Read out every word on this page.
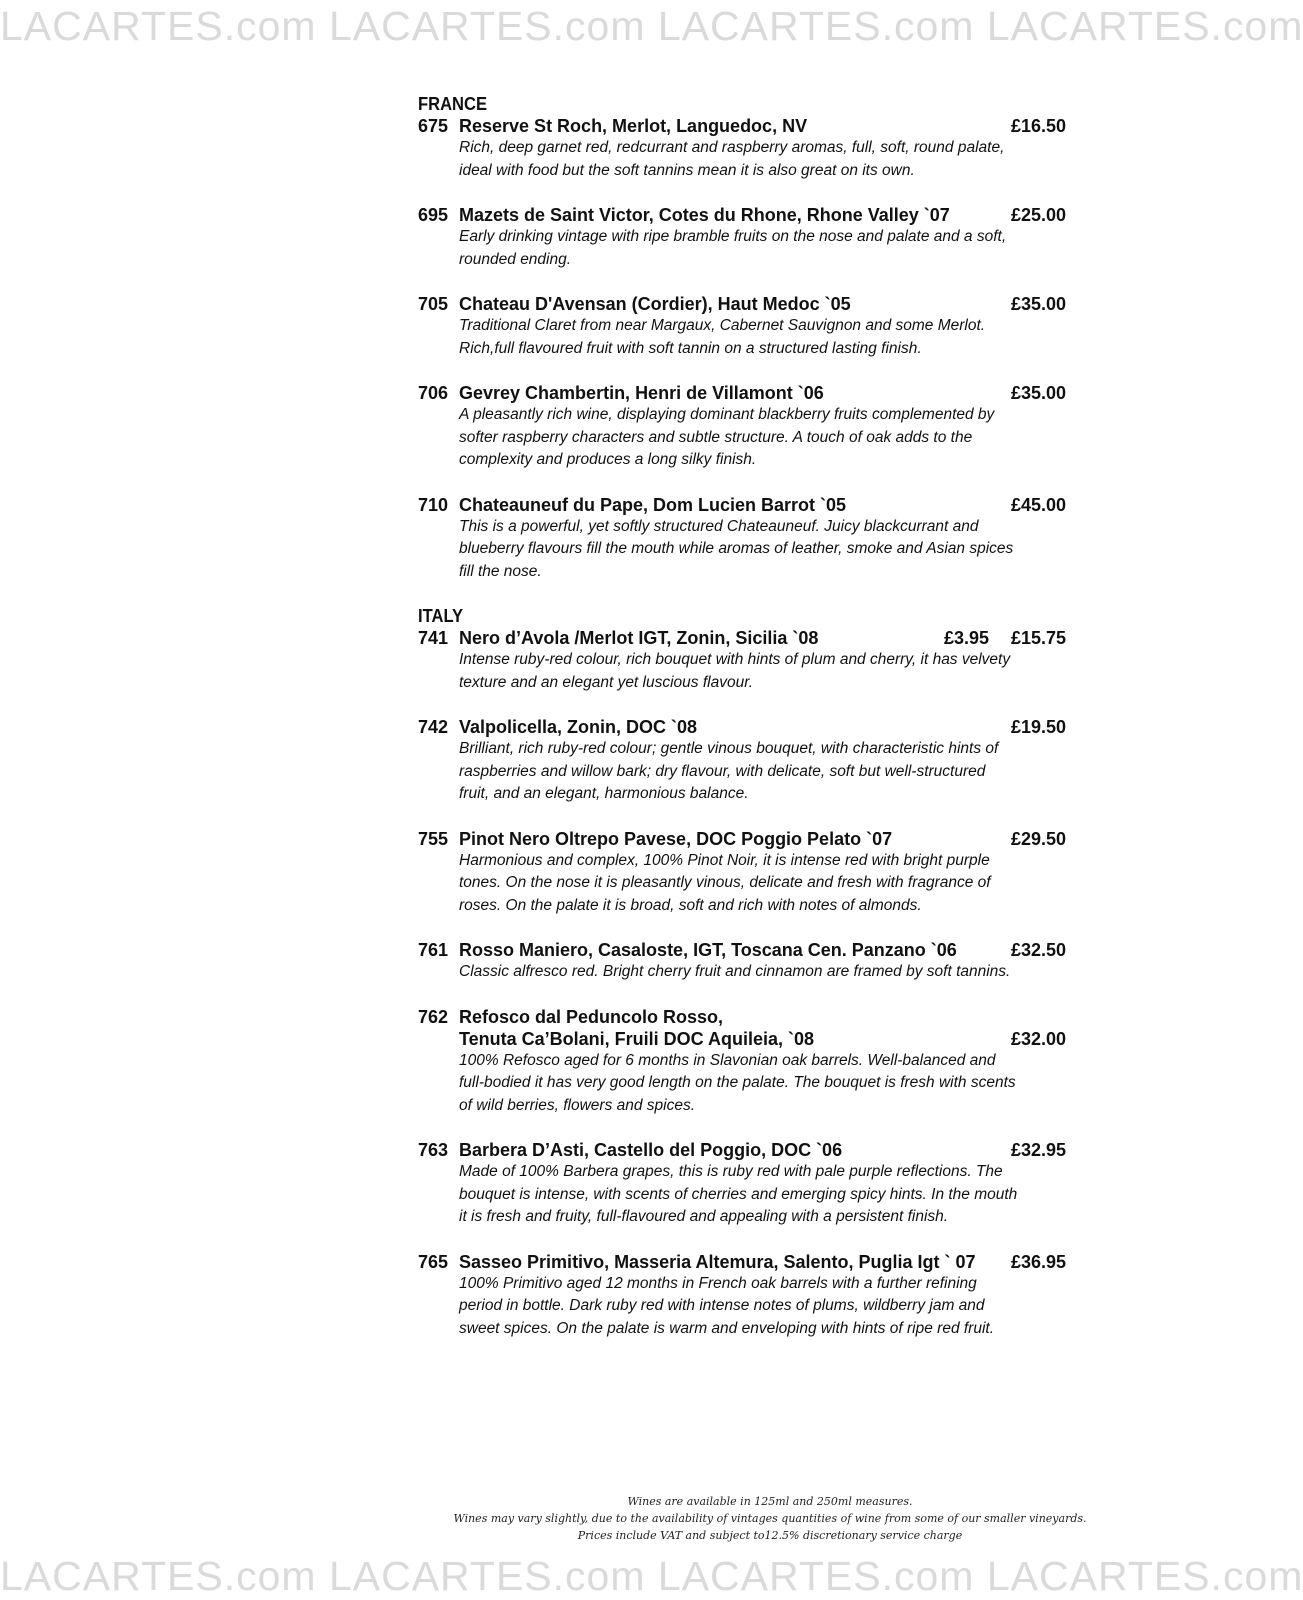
LACARTES.com LACARTES.com LACARTES.com LACARTES.com
FRANCE
675 Reserve St Roch, Merlot, Languedoc, NV	£16.50
Rich, deep garnet red, redcurrant and raspberry aromas, full, soft, round palate, ideal with food but the soft tannins mean it is also great on its own.
695 Mazets de Saint Victor, Cotes du Rhone, Rhone Valley `07	£25.00
Early drinking vintage with ripe bramble fruits on the nose and palate and a soft, rounded ending.
705 Chateau D'Avensan (Cordier), Haut Medoc `05	£35.00
Traditional Claret from near Margaux, Cabernet Sauvignon and some Merlot. Rich,full flavoured fruit with soft tannin on a structured lasting finish.
706 Gevrey Chambertin, Henri de Villamont `06	£35.00
A pleasantly rich wine, displaying dominant blackberry fruits complemented by softer raspberry characters and subtle structure. A touch of oak adds to the complexity and produces a long silky finish.
710 Chateauneuf du Pape, Dom Lucien Barrot `05	£45.00
This is a powerful, yet softly structured Chateauneuf. Juicy blackcurrant and blueberry flavours fill the mouth while aromas of leather, smoke and Asian spices fill the nose.
ITALY
741 Nero d’Avola /Merlot IGT, Zonin, Sicilia `08	£3.95	£15.75
Intense ruby-red colour, rich bouquet with hints of plum and cherry, it has velvety texture and an elegant yet luscious flavour.
742 Valpolicella, Zonin, DOC `08	£19.50
Brilliant, rich ruby-red colour; gentle vinous bouquet, with characteristic hints of raspberries and willow bark; dry flavour, with delicate, soft but well-structured fruit, and an elegant, harmonious balance.
755 Pinot Nero Oltrepo Pavese, DOC Poggio Pelato `07	£29.50
Harmonious and complex, 100% Pinot Noir, it is intense red with bright purple tones. On the nose it is pleasantly vinous, delicate and fresh with fragrance of roses. On the palate it is broad, soft and rich with notes of almonds.
761 Rosso Maniero, Casaloste, IGT, Toscana Cen. Panzano `06	£32.50
Classic alfresco red. Bright cherry fruit and cinnamon are framed by soft tannins.
762 Refosco dal Peduncolo Rosso,
Tenuta Ca’Bolani, Fruili DOC Aquileia, `08	£32.00
100% Refosco aged for 6 months in Slavonian oak barrels. Well-balanced and full-bodied it has very good length on the palate. The bouquet is fresh with scents of wild berries, flowers and spices.
763 Barbera D’Asti, Castello del Poggio, DOC `06	£32.95
Made of 100% Barbera grapes, this is ruby red with pale purple reflections. The bouquet is intense, with scents of cherries and emerging spicy hints. In the mouth it is fresh and fruity, full-flavoured and appealing with a persistent finish.
765 Sasseo Primitivo, Masseria Altemura, Salento, Puglia Igt ` 07	£36.95
100% Primitivo aged 12 months in French oak barrels with a further refining period in bottle. Dark ruby red with intense notes of plums, wildberry jam and sweet spices. On the palate is warm and enveloping with hints of ripe red fruit.
Wines are available in 125ml and 250ml measures.
Wines may vary slightly, due to the availability of vintages quantities of wine from some of our smaller vineyards.
Prices include VAT and subject to12.5% discretionary service charge
LACARTES.com LACARTES.com LACARTES.com LACARTES.com
